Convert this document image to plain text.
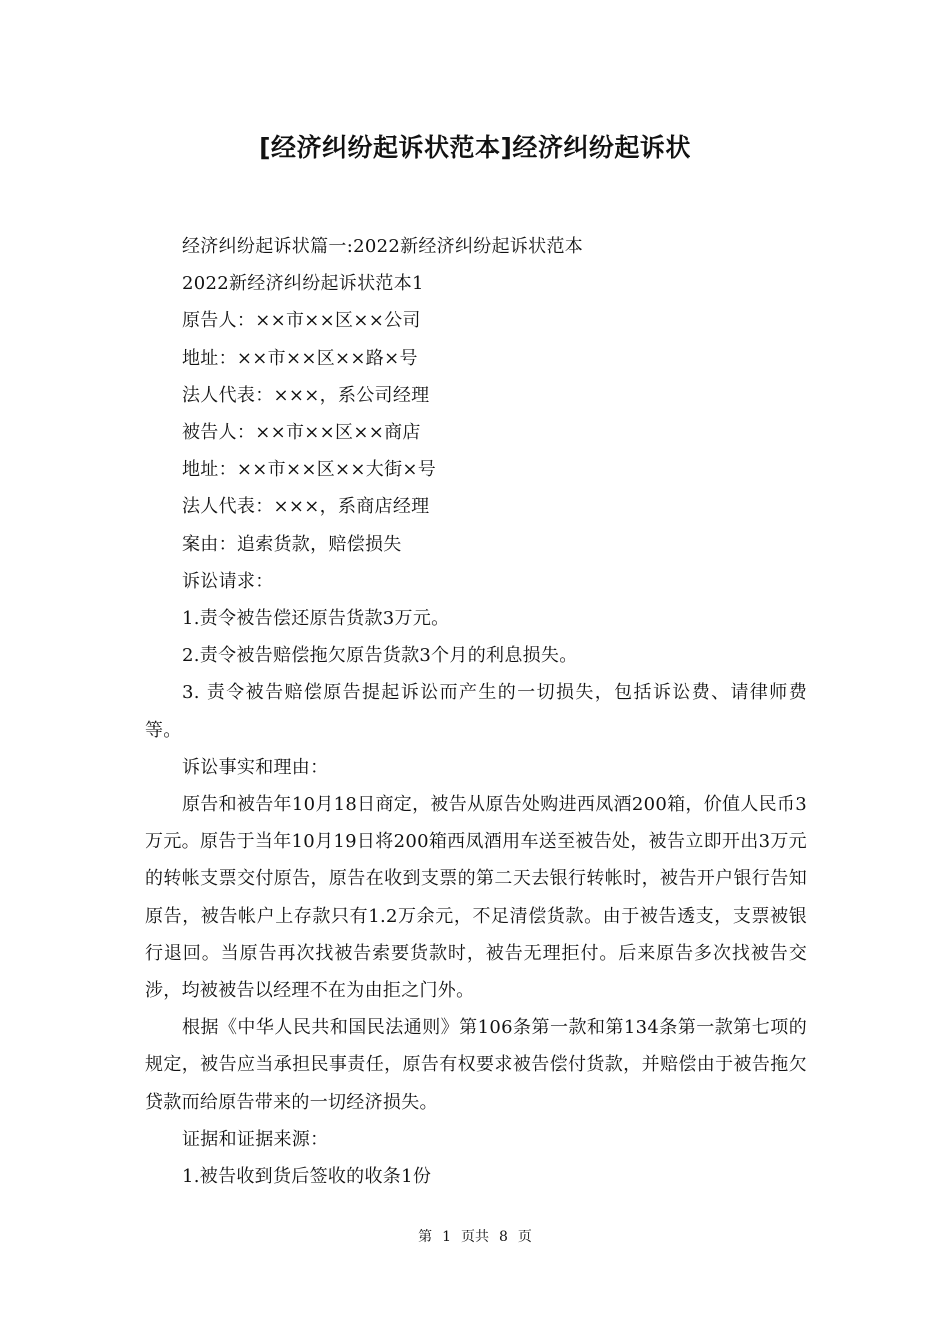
[经济纠纷起诉状范本]经济纠纷起诉状

经济纠纷起诉状篇一:2022新经济纠纷起诉状范本

2022新经济纠纷起诉状范本1

原告人：××市××区××公司

地址：××市××区××路×号

法人代表：×××，系公司经理

被告人：××市××区××商店

地址：××市××区××大街×号

法人代表：×××，系商店经理

案由：追索货款，赔偿损失

诉讼请求：

1.责令被告偿还原告货款3万元。

2.责令被告赔偿拖欠原告货款3个月的利息损失。

3. 责令被告赔偿原告提起诉讼而产生的一切损失，包括诉讼费、请律师费等。

诉讼事实和理由：

原告和被告年10月18日商定，被告从原告处购进西凤酒200箱，价值人民币3万元。原告于当年10月19日将200箱西凤酒用车送至被告处，被告立即开出3万元的转帐支票交付原告，原告在收到支票的第二天去银行转帐时，被告开户银行告知原告，被告帐户上存款只有1.2万余元，不足清偿货款。由于被告透支，支票被银行退回。当原告再次找被告索要货款时，被告无理拒付。后来原告多次找被告交涉，均被被告以经理不在为由拒之门外。

根据《中华人民共和国民法通则》第106条第一款和第134条第一款第七项的规定，被告应当承担民事责任，原告有权要求被告偿付货款，并赔偿由于被告拖欠贷款而给原告带来的一切经济损失。

证据和证据来源：

1.被告收到货后签收的收条1份

第 1 页共 8 页
